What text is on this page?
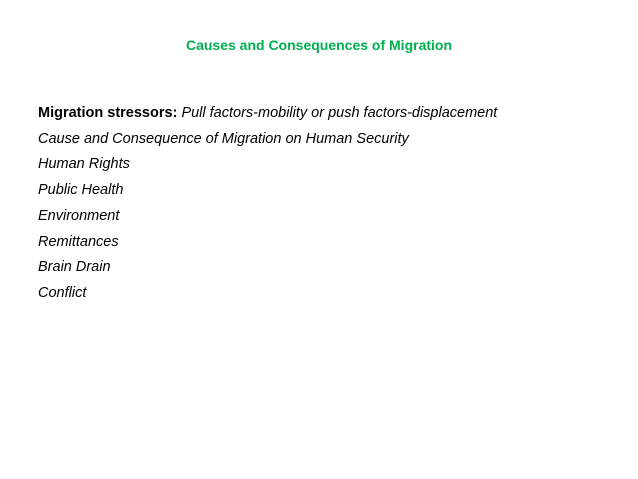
Causes and Consequences of Migration
Migration stressors: Pull factors-mobility or push factors-displacement
Cause and Consequence of Migration on Human Security
Human Rights
Public Health
Environment
Remittances
Brain Drain
Conflict
